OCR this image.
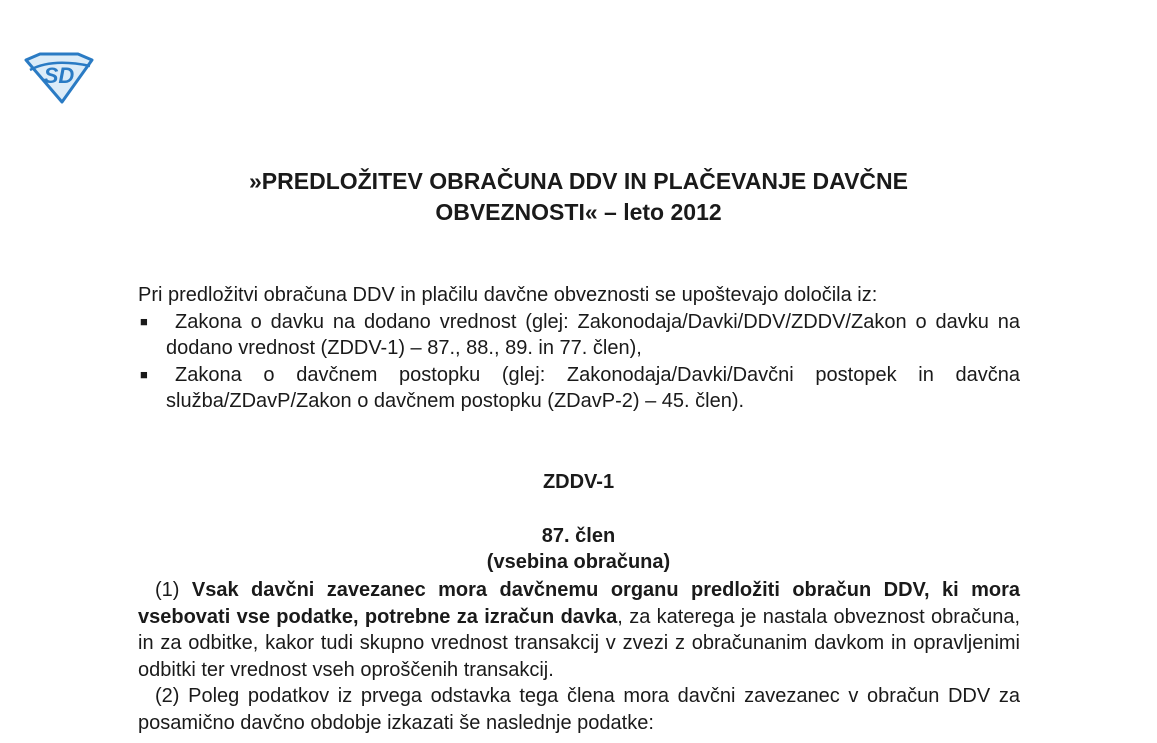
SD
»PREDLOŽITEV OBRAČUNA DDV IN PLAČEVANJE DAVČNE
OBVEZNOSTI« – leto 2012
Pri predložitvi obračuna DDV in plačilu davčne obveznosti se upoštevajo določila iz:
■	Zakona o davku na dodano vrednost (glej: Zakonodaja/Davki/DDV/ZDDV/Zakon o davku na dodano vrednost (ZDDV-1) – 87., 88., 89. in 77. člen),
■	Zakona o davčnem postopku (glej: Zakonodaja/Davki/Davčni postopek in davčna služba/ZDavP/Zakon o davčnem postopku (ZDavP-2) – 45. člen).
ZDDV-1
87. člen
(vsebina obračuna)
(1) Vsak davčni zavezanec mora davčnemu organu predložiti obračun DDV, ki mora vsebovati vse podatke, potrebne za izračun davka, za katerega je nastala obveznost obračuna, in za odbitke, kakor tudi skupno vrednost transakcij v zvezi z obračunanim davkom in opravljenimi odbitki ter vrednost vseh oproščenih transakcij.
(2) Poleg podatkov iz prvega odstavka tega člena mora davčni zavezanec v obračun DDV za posamično davčno obdobje izkazati še naslednje podatke:
